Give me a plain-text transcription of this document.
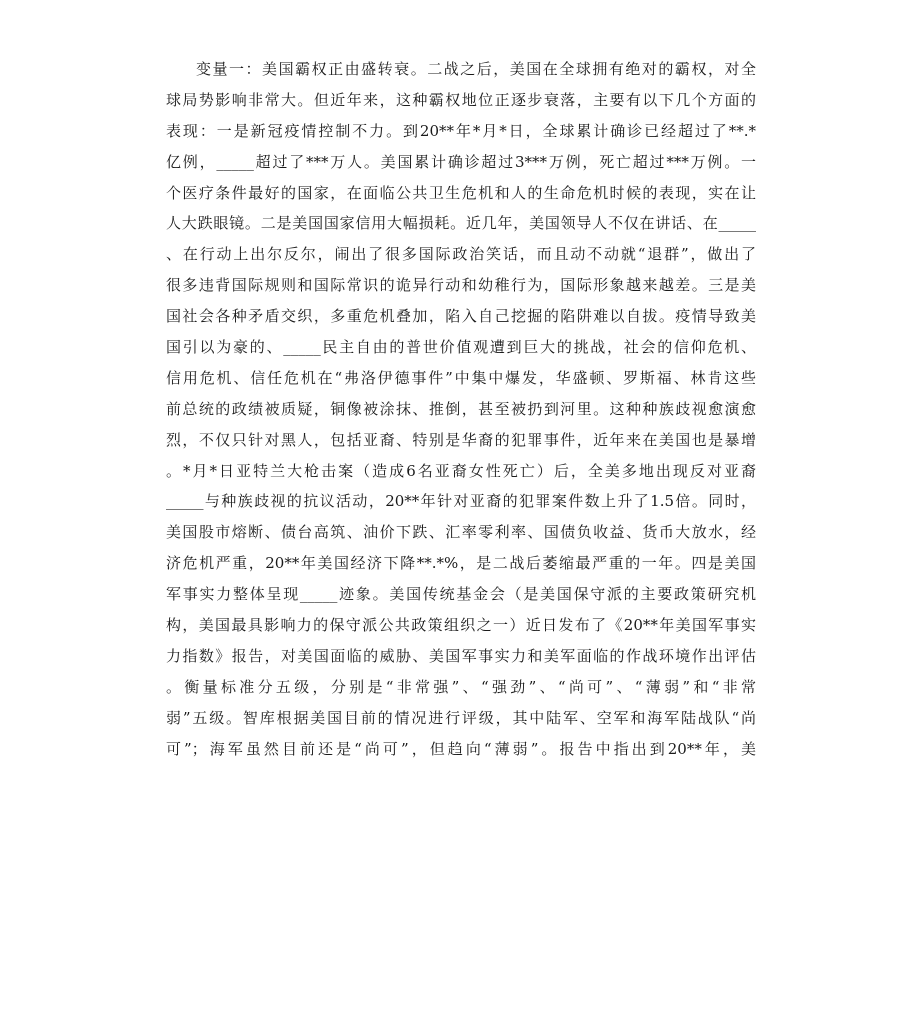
变量一：美国霸权正由盛转衰。二战之后，美国在全球拥有绝对的霸权，对全
球局势影响非常大。但近年来，这种霸权地位正逐步衰落，主要有以下几个方面的
表现：一是新冠疫情控制不力。到20**年*月*日，全球累计确诊已经超过了**.*
亿例，_____超过了***万人。美国累计确诊超过3***万例，死亡超过***万例。一
个医疗条件最好的国家，在面临公共卫生危机和人的生命危机时候的表现，实在让
人大跌眼镜。二是美国国家信用大幅损耗。近几年，美国领导人不仅在讲话、在_____
、在行动上出尔反尔，闹出了很多国际政治笑话，而且动不动就“退群”，做出了
很多违背国际规则和国际常识的诡异行动和幼稚行为，国际形象越来越差。三是美
国社会各种矛盾交织，多重危机叠加，陷入自己挖掘的陷阱难以自拔。疫情导致美
国引以为豪的、_____民主自由的普世价值观遭到巨大的挑战，社会的信仰危机、
信用危机、信任危机在“弗洛伊德事件”中集中爆发，华盛顿、罗斯福、林肯这些
前总统的政绩被质疑，铜像被涂抹、推倒，甚至被扔到河里。这种种族歧视愈演愈
烈，不仅只针对黑人，包括亚裔、特别是华裔的犯罪事件，近年来在美国也是暴增
。*月*日亚特兰大枪击案（造成6名亚裔女性死亡）后，全美多地出现反对亚裔
_____与种族歧视的抗议活动，20**年针对亚裔的犯罪案件数上升了1.5倍。同时，
美国股市熔断、债台高筑、油价下跌、汇率零利率、国债负收益、货币大放水，经
济危机严重，20**年美国经济下降**.*%，是二战后萎缩最严重的一年。四是美国
军事实力整体呈现_____迹象。美国传统基金会（是美国保守派的主要政策研究机
构，美国最具影响力的保守派公共政策组织之一）近日发布了《20**年美国军事实
力指数》报告，对美国面临的威胁、美国军事实力和美军面临的作战环境作出评估
。衡量标准分五级，分别是“非常强”、“强劲”、“尚可”、“薄弱”和“非常
弱”五级。智库根据美国目前的情况进行评级，其中陆军、空军和海军陆战队“尚
可”；海军虽然目前还是“尚可”，但趋向“薄弱”。报告中指出到20**年，美
